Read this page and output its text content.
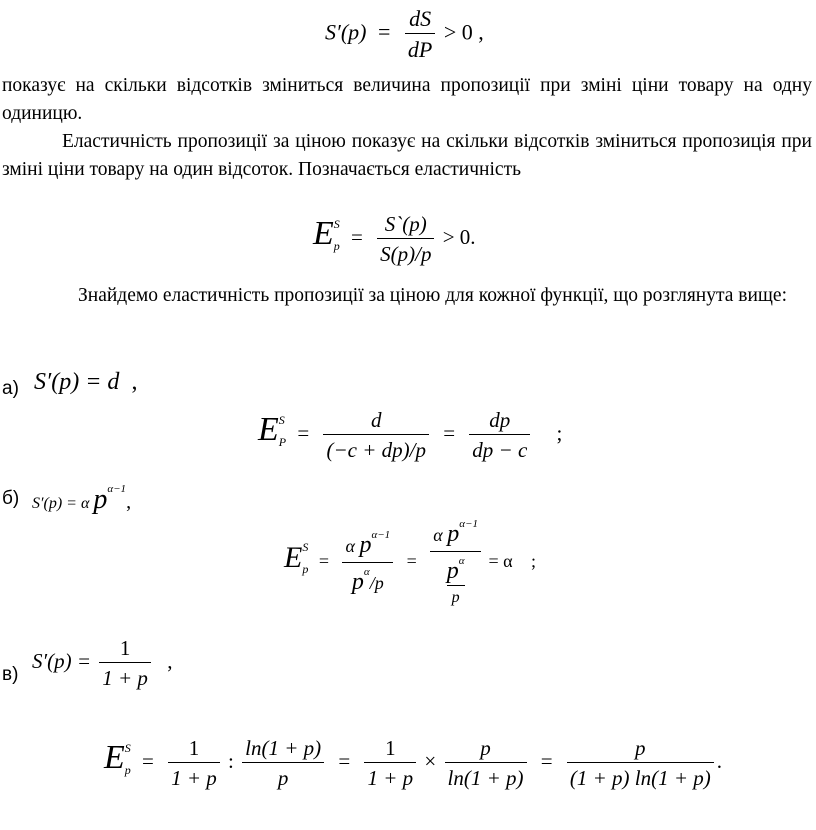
$S'(p) = \frac{dS}{dP} > 0$ ,

показує на скільки відсотків зміниться величина пропозиції при зміні ціни товару на одну одиницю.

Еластичність пропозиції за ціною показує на скільки відсотків зміниться пропозиція при зміні ціни товару на один відсоток. Позначається еластичність

$E^S_p = \frac{S`(p)}{S(p)/p} > 0$.

Знайдемо еластичність пропозиції за ціною для кожної функції, що розглянута вище:

а) S′(p) = d ,
$E^S_P = \frac{d}{(-c + dp)/p} = \frac{dp}{dp - c}$ ;
б) S′(p) = α $p^{\alpha-1}$,
$E^S_p = \frac{\alpha p^{\alpha-1}}{p^\alpha/p}$ =
α $p^{\alpha-1}$
$p^\alpha$
p
= α ;
в)
$S'(p) = \frac{1}{1 + p}$ ,
$E^S_p = \frac{1}{1 + p}$ : $\frac{\ln(1 + p)}{p} = \frac{1}{1 + p} \times \frac{p}{\ln(1 + p)} = \frac{p}{(1 + p) \ln(1 + p)}$ .
